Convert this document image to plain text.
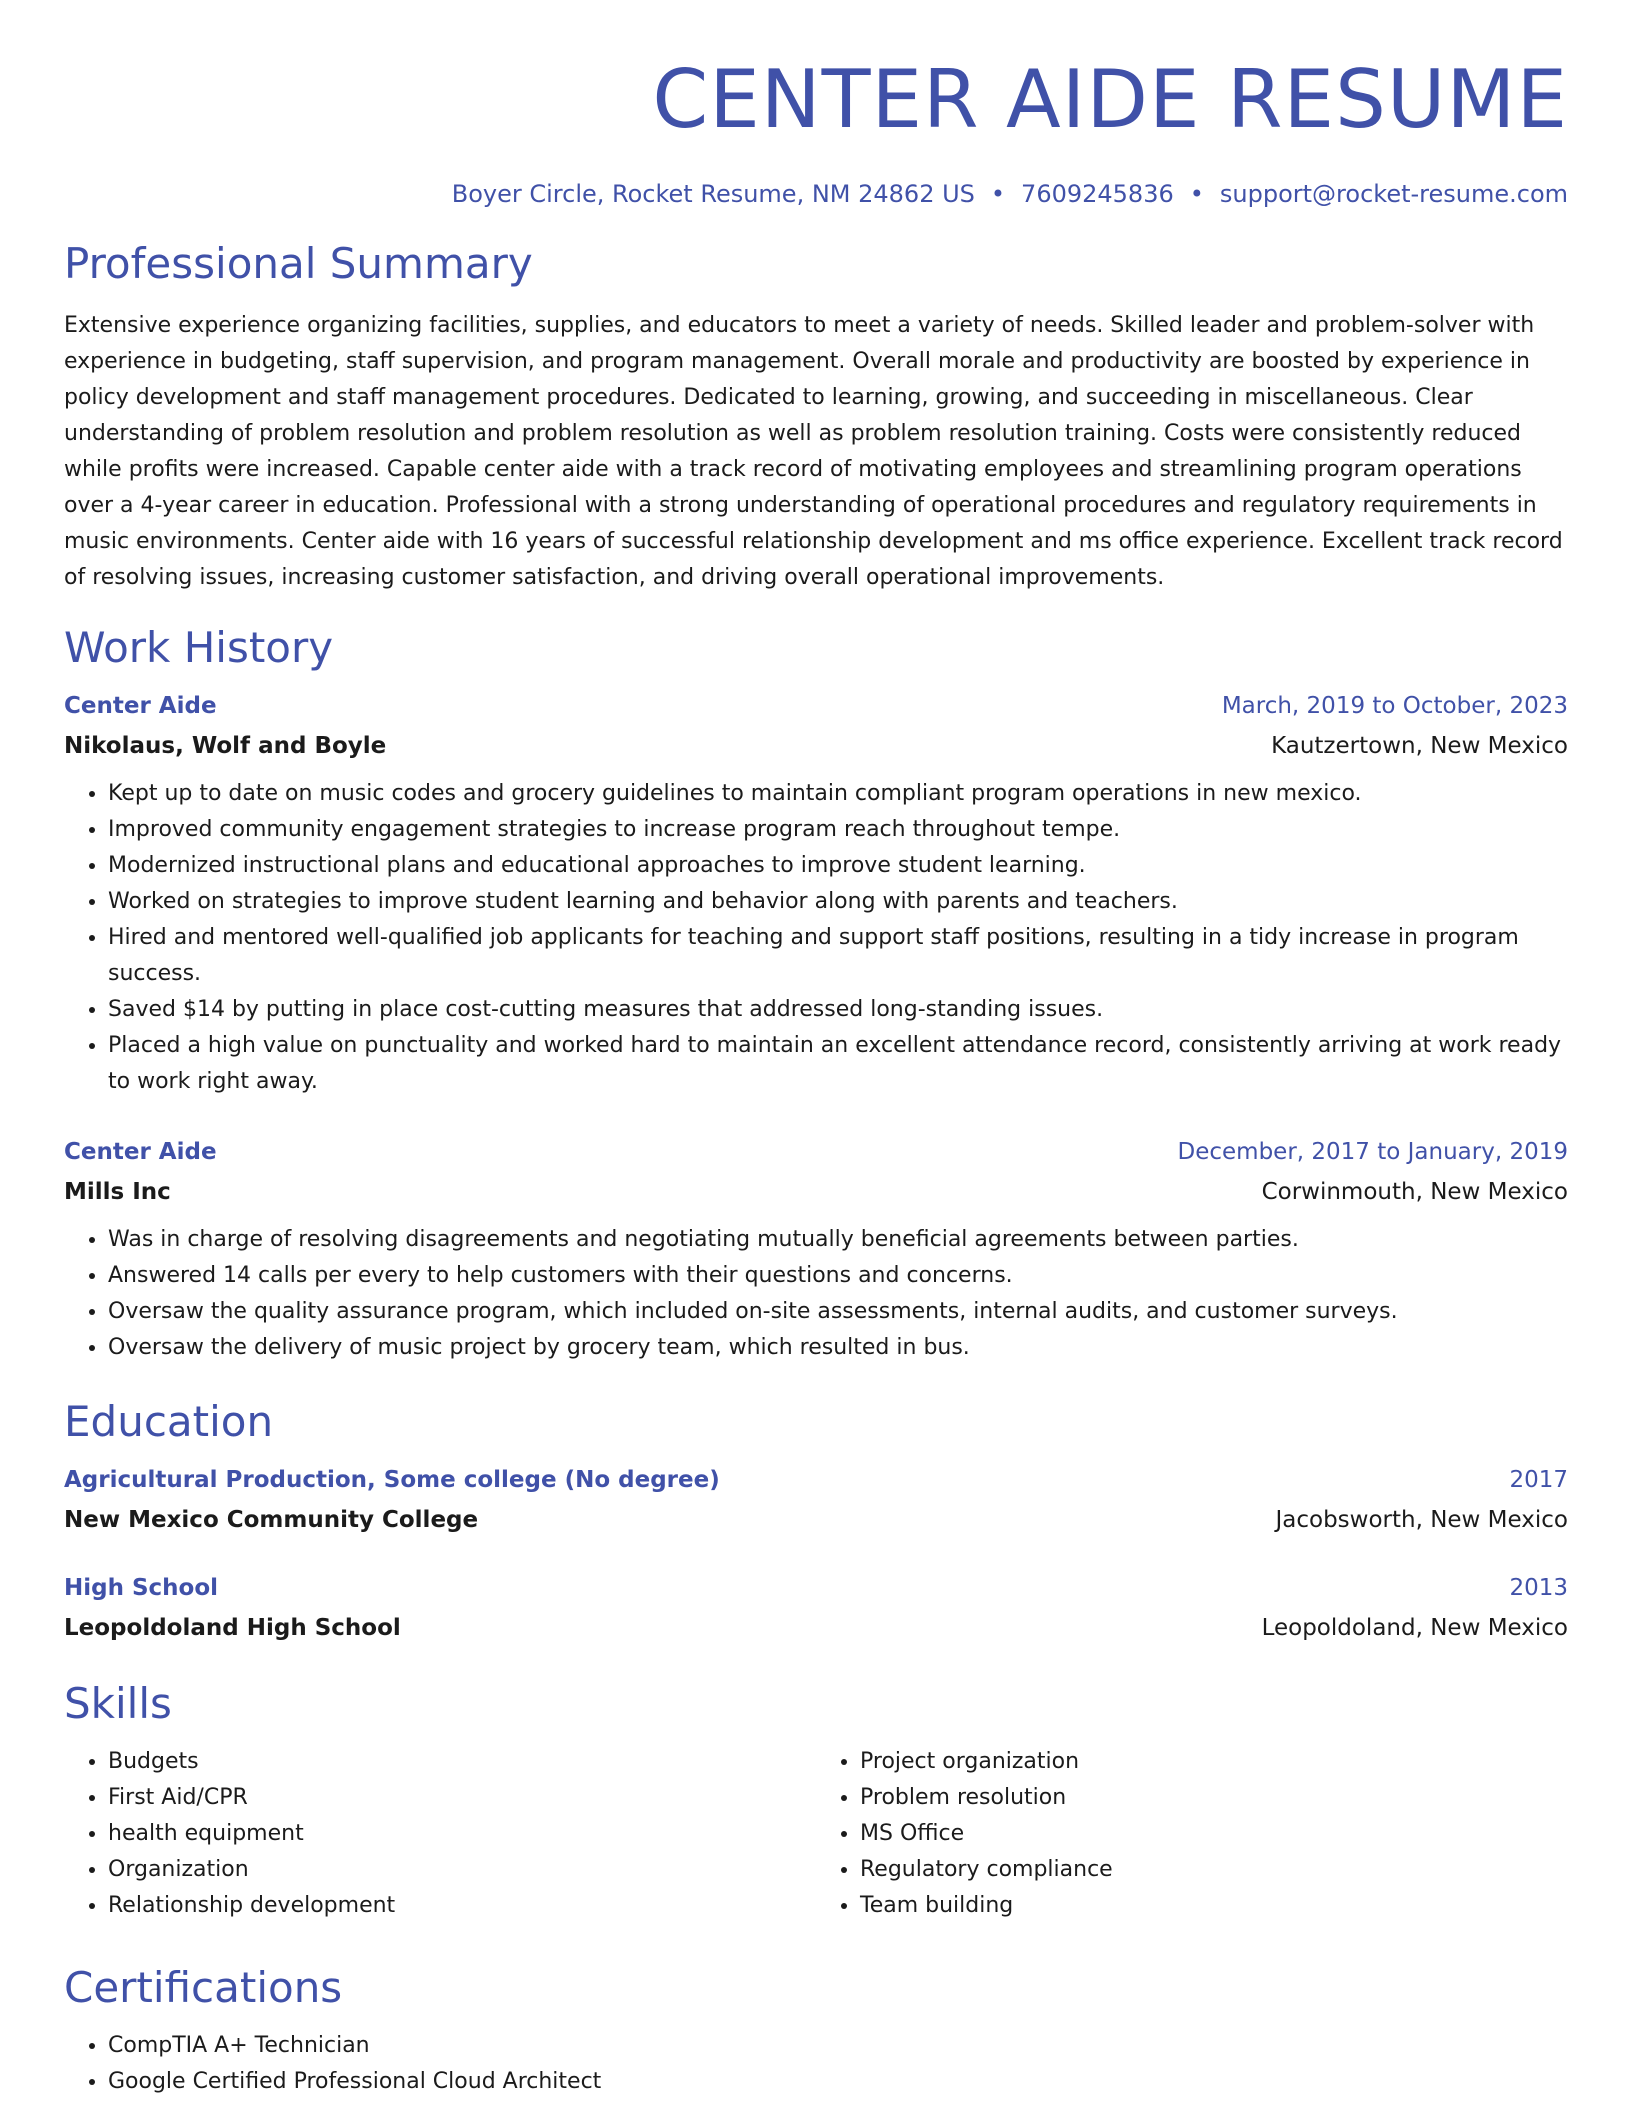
CENTER AIDE RESUME
Boyer Circle, Rocket Resume, NM 24862 US • 7609245836 • support@rocket-resume.com
Professional Summary

Extensive experience organizing facilities, supplies, and educators to meet a variety of needs. Skilled leader and problem-solver with experience in budgeting, staff supervision, and program management. Overall morale and productivity are boosted by experience in policy development and staff management procedures. Dedicated to learning, growing, and succeeding in miscellaneous. Clear understanding of problem resolution and problem resolution as well as problem resolution training. Costs were consistently reduced while profits were increased. Capable center aide with a track record of motivating employees and streamlining program operations over a 4-year career in education. Professional with a strong understanding of operational procedures and regulatory requirements in music environments. Center aide with 16 years of successful relationship development and ms office experience. Excellent track record of resolving issues, increasing customer satisfaction, and driving overall operational improvements.

Work History
Center Aide	March, 2019 to October, 2023
Nikolaus, Wolf and Boyle	Kautzertown, New Mexico
• Kept up to date on music codes and grocery guidelines to maintain compliant program operations in new mexico.
• Improved community engagement strategies to increase program reach throughout tempe.
• Modernized instructional plans and educational approaches to improve student learning.
• Worked on strategies to improve student learning and behavior along with parents and teachers.
• Hired and mentored well-qualified job applicants for teaching and support staff positions, resulting in a tidy increase in program success.
• Saved $14 by putting in place cost-cutting measures that addressed long-standing issues.
• Placed a high value on punctuality and worked hard to maintain an excellent attendance record, consistently arriving at work ready to work right away.
Center Aide	December, 2017 to January, 2019
Mills Inc	Corwinmouth, New Mexico
• Was in charge of resolving disagreements and negotiating mutually beneficial agreements between parties.
• Answered 14 calls per every to help customers with their questions and concerns.
• Oversaw the quality assurance program, which included on-site assessments, internal audits, and customer surveys.
• Oversaw the delivery of music project by grocery team, which resulted in bus.
Education
Agricultural Production, Some college (No degree)	2017
New Mexico Community College	Jacobsworth, New Mexico
High School	2013
Leopoldoland High School	Leopoldoland, New Mexico
Skills
• Budgets
• First Aid/CPR
• health equipment
• Organization
• Relationship development
• Project organization
• Problem resolution
• MS Office
• Regulatory compliance
• Team building
Certifications
• CompTIA A+ Technician
• Google Certified Professional Cloud Architect
